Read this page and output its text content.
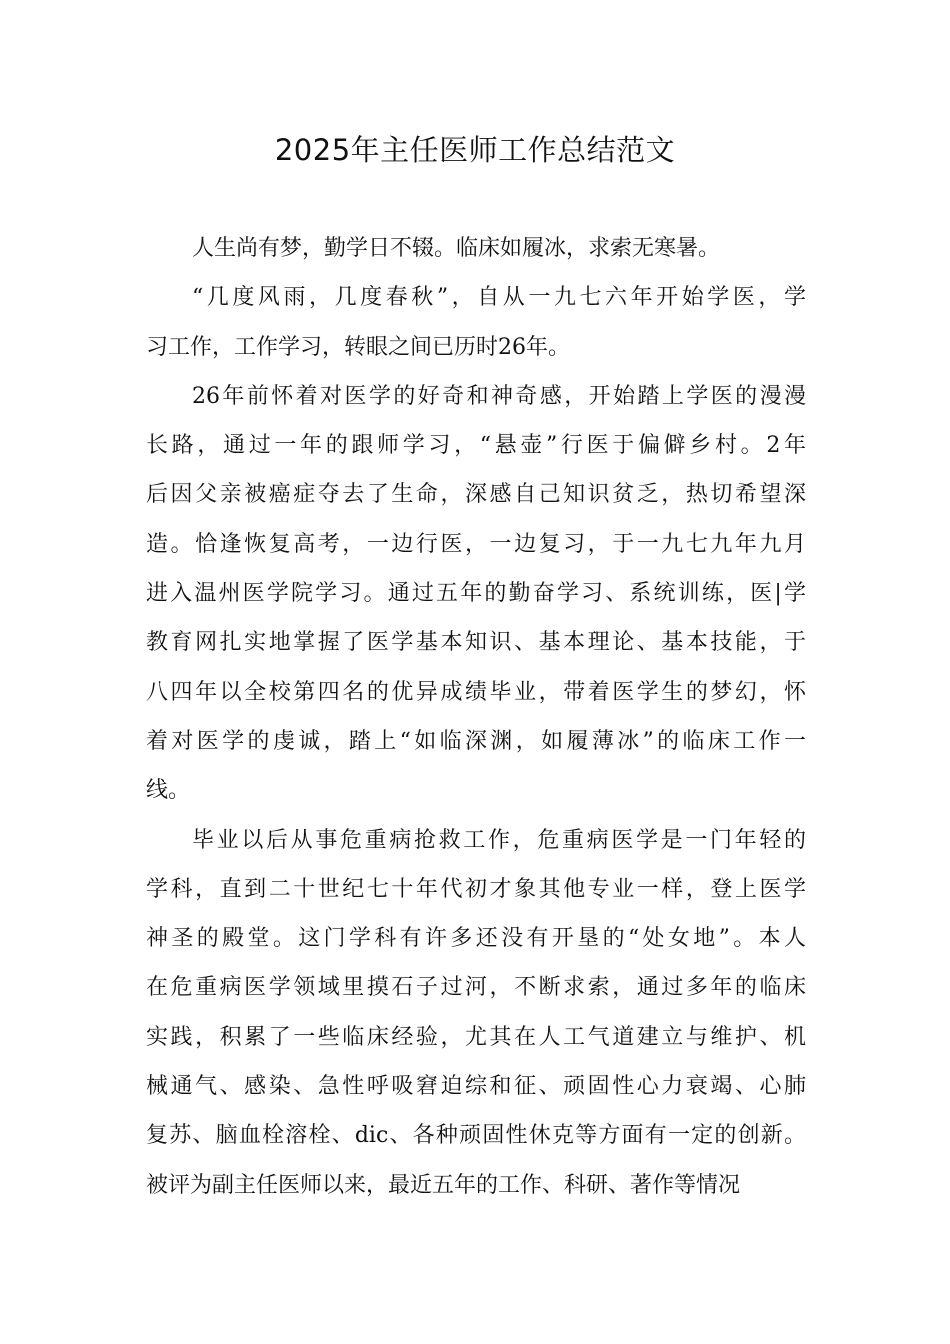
2025年主任医师工作总结范文
人生尚有梦，勤学日不辍。临床如履冰，求索无寒暑。
“几度风雨，几度春秋”，自从一九七六年开始学医，学
习工作，工作学习，转眼之间已历时26年。
26年前怀着对医学的好奇和神奇感，开始踏上学医的漫漫
长路，通过一年的跟师学习，“悬壶”行医于偏僻乡村。2年
后因父亲被癌症夺去了生命，深感自己知识贫乏，热切希望深
造。恰逢恢复高考，一边行医，一边复习，于一九七九年九月
进入温州医学院学习。通过五年的勤奋学习、系统训练，医|学
教育网扎实地掌握了医学基本知识、基本理论、基本技能，于
八四年以全校第四名的优异成绩毕业，带着医学生的梦幻，怀
着对医学的虔诚，踏上“如临深渊，如履薄冰”的临床工作一
线。
毕业以后从事危重病抢救工作，危重病医学是一门年轻的
学科，直到二十世纪七十年代初才象其他专业一样，登上医学
神圣的殿堂。这门学科有许多还没有开垦的“处女地”。本人
在危重病医学领域里摸石子过河，不断求索，通过多年的临床
实践，积累了一些临床经验，尤其在人工气道建立与维护、机
械通气、感染、急性呼吸窘迫综和征、顽固性心力衰竭、心肺
复苏、脑血栓溶栓、dic、各种顽固性休克等方面有一定的创新。
被评为副主任医师以来，最近五年的工作、科研、著作等情况
